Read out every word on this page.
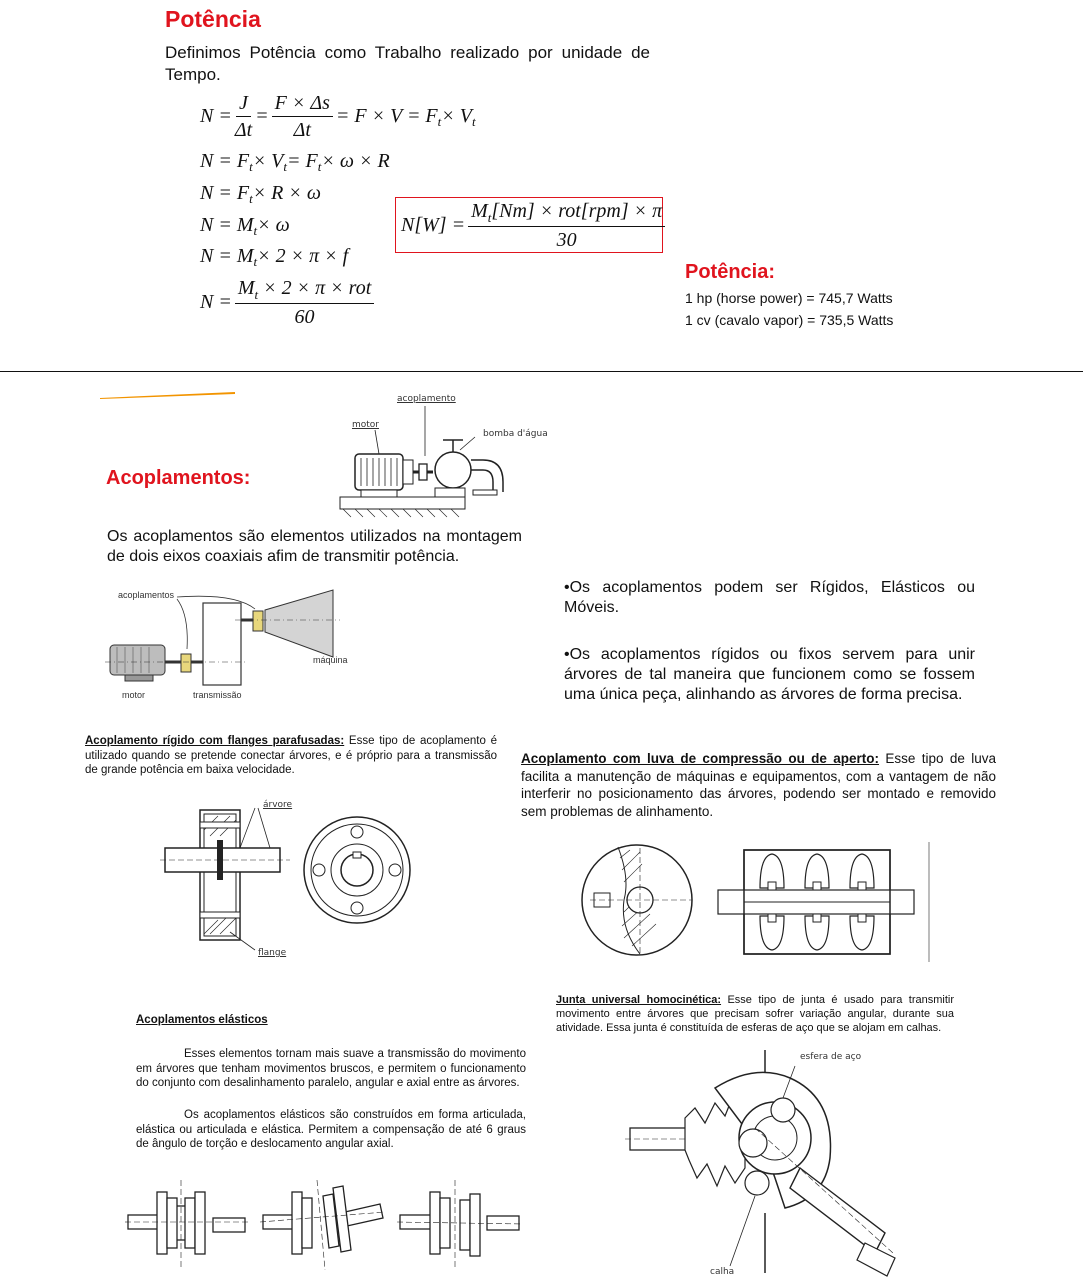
Potência
Definimos Potência como Trabalho realizado por unidade de Tempo.
$N = \frac{J}{\Delta t} = \frac{F \times \Delta s}{\Delta t} = F \times V = F$ t × V t
N = F t × V t = F t × ω × R
N = F t × R × ω
N = M t × ω
N = M t × 2 × π × f
$N = \frac{M_t \times 2 \times \pi \times rot}{60}$
$N[W] = \frac{M_t[Nm] \times rot[rpm] \times \pi}{30}$
Potência:
1 hp (horse power) = 745,7 Watts
1 cv (cavalo vapor) = 735,5 Watts
Acoplamentos:
Os acoplamentos são elementos utilizados na montagem de dois eixos coaxiais afim de transmitir potência.
acoplamento
motor
bomba d'água
acoplamentos
máquina
motor	transmissão
•Os acoplamentos podem ser Rígidos, Elásticos ou Móveis.
•Os acoplamentos rígidos ou fixos servem para unir árvores de tal maneira que funcionem como se fossem uma única peça, alinhando as árvores de forma precisa.
Acoplamento rígido com flanges parafusadas: Esse tipo de acoplamento é utilizado quando se pretende conectar árvores, e é próprio para a transmissão de grande potência em baixa velocidade.
árvore
flange
Acoplamento com luva de compressão ou de aperto: Esse tipo de luva facilita a manutenção de máquinas e equipamentos, com a vantagem de não interferir no posicionamento das árvores, podendo ser montado e removido sem problemas de alinhamento.
Acoplamentos elásticos
Esses elementos tornam mais suave a transmissão do movimento em árvores que tenham movimentos bruscos, e permitem o funcionamento do conjunto com desalinhamento paralelo, angular e axial entre as árvores.
Os acoplamentos elásticos são construídos em forma articulada, elástica ou articulada e elástica. Permitem a compensação de até 6 graus de ângulo de torção e deslocamento angular axial.
Junta universal homocinética: Esse tipo de junta é usado para transmitir movimento entre árvores que precisam sofrer variação angular, durante sua atividade. Essa junta é constituída de esferas de aço que se alojam em calhas.
esfera de aço
calha
